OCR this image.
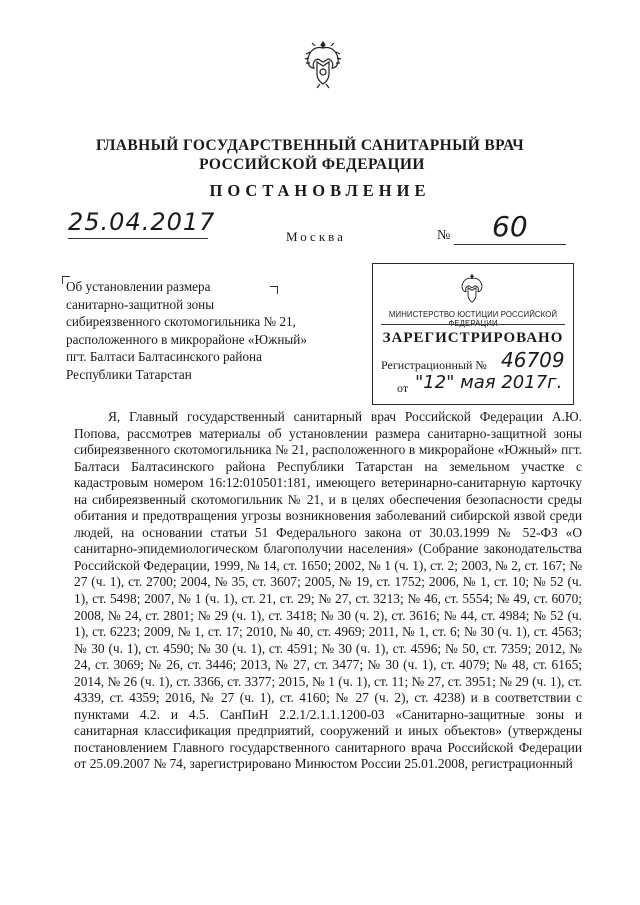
ГЛАВНЫЙ ГОСУДАРСТВЕННЫЙ САНИТАРНЫЙ ВРАЧ
РОССИЙСКОЙ ФЕДЕРАЦИИ
ПОСТАНОВЛЕНИЕ
25.04.2017
Москва	№ 60
Об установлении размера
санитарно-защитной зоны
сибиреязвенного скотомогильника № 21,
расположенного в микрорайоне «Южный»
пгт. Балтаси Балтасинского района
Республики Татарстан
МИНИСТЕРСТВО ЮСТИЦИИ РОССИЙСКОЙ ФЕДЕРАЦИИ
ЗАРЕГИСТРИРОВАНО
Регистрационный № 46709
от "12" мая 2017г.

Я, Главный государственный санитарный врач Российской Федерации А.Ю. Попова, рассмотрев материалы об установлении размера санитарно-защитной зоны сибиреязвенного скотомогильника № 21, расположенного в микрорайоне «Южный» пгт. Балтаси Балтасинского района Республики Татарстан на земельном участке с кадастровым номером 16:12:010501:181, имеющего ветеринарно-санитарную карточку на сибиреязвенный скотомогильник № 21, и в целях обеспечения безопасности среды обитания и предотвращения угрозы возникновения заболеваний сибирской язвой среди людей, на основании статьи 51 Федерального закона от 30.03.1999 № 52-ФЗ «О санитарно-эпидемиологическом благополучии населения» (Собрание законодательства Российской Федерации, 1999, № 14, ст. 1650; 2002, № 1 (ч. 1), ст. 2; 2003, № 2, ст. 167; № 27 (ч. 1), ст. 2700; 2004, № 35, ст. 3607; 2005, № 19, ст. 1752; 2006, № 1, ст. 10; № 52 (ч. 1), ст. 5498; 2007, № 1 (ч. 1), ст. 21, ст. 29; № 27, ст. 3213; № 46, ст. 5554; № 49, ст. 6070; 2008, № 24, ст. 2801; № 29 (ч. 1), ст. 3418; № 30 (ч. 2), ст. 3616; № 44, ст. 4984; № 52 (ч. 1), ст. 6223; 2009, № 1, ст. 17; 2010, № 40, ст. 4969; 2011, № 1, ст. 6; № 30 (ч. 1), ст. 4563; № 30 (ч. 1), ст. 4590; № 30 (ч. 1), ст. 4591; № 30 (ч. 1), ст. 4596; № 50, ст. 7359; 2012, № 24, ст. 3069; № 26, ст. 3446; 2013, № 27, ст. 3477; № 30 (ч. 1), ст. 4079; № 48, ст. 6165; 2014, № 26 (ч. 1), ст. 3366, ст. 3377; 2015, № 1 (ч. 1), ст. 11; № 27, ст. 3951; № 29 (ч. 1), ст. 4339, ст. 4359; 2016, № 27 (ч. 1), ст. 4160; № 27 (ч. 2), ст. 4238) и в соответствии с пунктами 4.2. и 4.5. СанПиН 2.2.1/2.1.1.1200-03 «Санитарно-защитные зоны и санитарная классификация предприятий, сооружений и иных объектов» (утверждены постановлением Главного государственного санитарного врача Российской Федерации от 25.09.2007 № 74, зарегистрировано Минюстом России 25.01.2008, регистрационный
